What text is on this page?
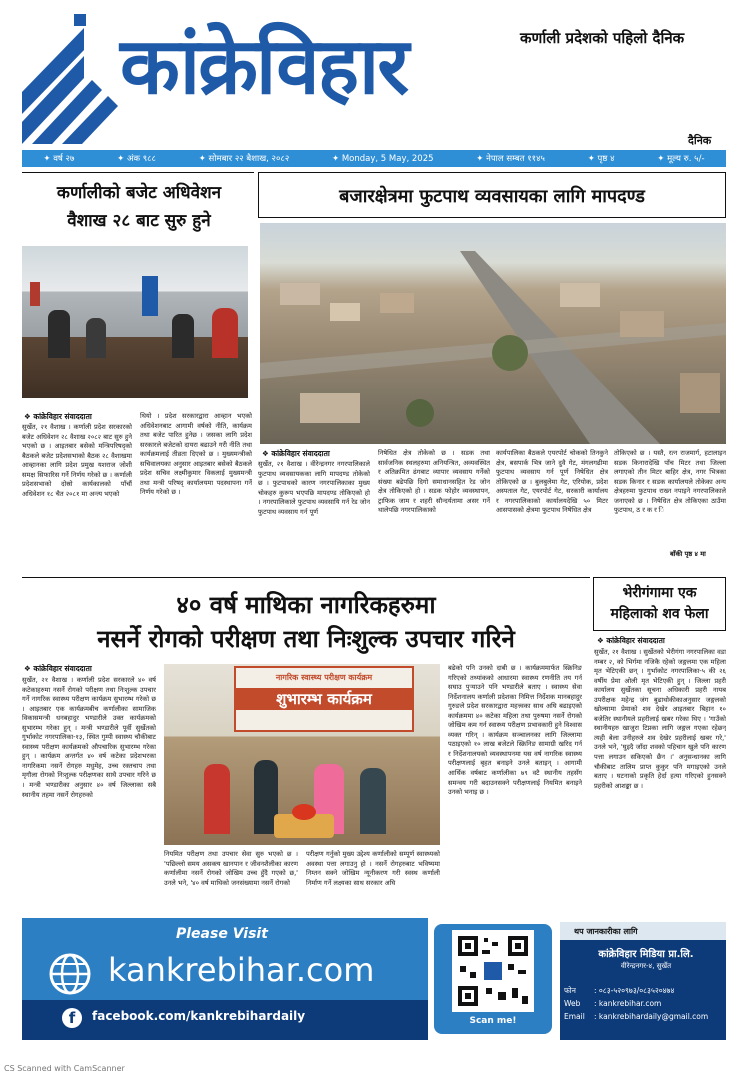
कांक्रेविहार	कर्णाली प्रदेशको पहिलो दैनिक
दैनिक
✦ वर्ष २७	✦ अंक ९८८	✦ सोमबार २२ बैशाख, २०८२	✦ Monday, 5 May, 2025	✦ नेपाल सम्बत ११४५	✦ पृष्ठ ४	✦ मूल्य रु. ५/-
कर्णालीको बजेट अधिवेशन
वैशाख २८ बाट सुरु हुने
❖ कांक्रेविहार संवाददाता
सुर्खेत, २१ वैशाख । कर्णाली प्रदेश सरकारको बजेट अधिवेशन २८ वैशाख २०८२ बाट सुरु हुने भएको छ । आइतबार बसेको मन्त्रिपरिषद्को बैठकले बजेट प्रदेशसभाको बैठक २८ वैशाखमा आव्हानका लागि प्रदेश प्रमुख यशराज जोशी समक्ष सिफारिस गर्ने निर्णय गरेको छ । कर्णाली प्रदेशसभाको दोस्रो कार्यकालको पाँचौं अधिवेशन १८ चैत २०८१ मा अन्त्य भएको
थियो । प्रदेश सरकारद्वारा आव्हान भएको अधिवेशनबाट आगामी वर्षको नीति, कार्यक्रम तथा बजेट पारित हुनेछ । जसका लागि प्रदेश सरकारले बजेटको दायरा बढाउने गरी नीति तथा कार्यक्रमलाई तीव्रता दिएको छ । मुख्यमन्त्रीको सचिवालयका अनुसार आइतबार बसेको बैठकले प्रदेश सचिव लक्ष्मीकुमार विकलाई मुख्यमन्त्री तथा मन्त्री परिषद् कार्यालयमा पदस्थापना गर्ने निर्णय गरेको छ ।
बजारक्षेत्रमा फुटपाथ व्यवसायका लागि मापदण्ड
❖ कांक्रेविहार संवाददाता
सुर्खेत, २१ वैशाख । वीरेन्द्रनगर नगरपालिकाले फुटपाथ व्यवसायकका लागि मापदण्ड तोकेको छ । फुटपाथको कारण नगरपालिकाका मुख्य चोकहरु कुरूप भएपछि मापदण्ड तोकिएको हो । नगरपालिकाले फुटपाथ व्यवसायि गर्न रेड जोन फुटपाथ व्यवसाय गर्न पूर्ण
निषेधित क्षेत्र तोकेको छ । सडक तथा सार्वजनिक स्थलहरुमा अनियन्त्रित, अव्यवस्थित र अतिक्रमित ढंगबाट व्यापार व्यवसाय गर्नेको संख्या बढेपछि दिगो समाधानसहित रेड जोन क्षेत्र तोकिएको हो । सडक फोहोर व्यवस्थापन, ट्राफिक जाम र शहरी सौन्दर्यतामा असर गर्ने थालेपछि नगरपालिकाको
कार्यपालिका बैठकले एयरपोर्ट चोकको तिनकुने क्षेत्र, बसपार्क भित्र जाने दुवै गेट, मंगलगढीमा फुटपाथ व्यवसाय गर्न पूर्ण निषेधित क्षेत्र तोकिएको छ । बुलबुलेमा गेट, एरियोक, प्रदेश अस्पताल गेट, एयरपोर्ट गेट, सरकारी कार्यालय र नगरपालिकाको कार्यालयदेखि ५० मिटर आसपासको क्षेत्रमा फुटपाथ निषेधित क्षेत्र
तोकिएको छ । यस्तै, रत्न राजमार्ग, हटालाइन सडक किनारादेखि पाँच मिटर तथा जिल्ला लगाएको तीन मिटर बाहिर क्षेत्र, नगर भित्रका सडक किनार र सडक कार्यालयले तोकेका अन्य क्षेत्रहरुमा फुटपाथ राख्न नपाइने नगरपालिकाले जनाएको छ । निषेधित क्षेत्र तोकिएका ठाउँमा फुटपाथ, ठ र क र ि
बाँकी पृष्ठ ४ मा
४० वर्ष माथिका नागरिकहरुमा
नसर्ने रोगको परीक्षण तथा निःशुल्क उपचार गरिने
❖ कांक्रेविहार संवाददाता
सुर्खेत, २१ वैशाख । कर्णाली प्रदेश सरकारले ४० वर्ष कटेकाहरुमा नसर्ने रोगको परीक्षण तथा निःशुल्क उपचार गर्ने नागरिक स्वास्थ्य परीक्षण कार्यक्रम सुभारम्भ गरेको छ । आइतबार एक कार्यक्रमबीच कर्णालीका सामाजिक विकासमन्त्री धनबहादुर भण्डारीले उक्त कार्यक्रमको सुभारम्भ गरेका हुन् । मन्त्री भण्डारीले पूर्वी सुर्खेतको गुर्भाकोट नगरपालिका-१३, स्थित गुम्पी स्वास्थ्य चौकीबाट स्वास्थ्य परीक्षण कार्यक्रमको औपचारिक सुभारम्भ गरेका हुन् । कार्यक्रम अन्तर्गत ४० वर्ष कटेका प्रदेशभरका नागरिकमा नसर्ने रोगहरु मधुमेह, उच्च रक्तचाप तथा मृगौला रोगको निःशुल्क परीक्षणका साथै उपचार गरिने छ । मन्त्री भण्डारीका अनुसार ४० वर्ष जिल्लाका सबै स्थानीय तहमा नसर्ने रोगहरुको
नागरिक स्वास्थ्य परीक्षण कार्यक्रम
शुभारम्भ कार्यक्रम
नियमित परीक्षण तथा उपचार सेवा सुरु भएको छ । 'पछिल्लो समय असक्त्य खानपान र जीवनशैलीका कारण कर्णालीमा नसर्ने रोगको जोखिम उच्च हुँदै गएको छ,' उनले भने, '४० वर्ष माथिको जनसंख्यामा नसर्ने रोगको
परीक्षण गर्नुको मुख्य उद्देश्य कर्णालीको सम्पूर्ण स्वास्थ्यको अवस्था पत्ता लगाउनु हो । नसर्ने रोगहरुबाट भविष्यमा निम्तन सक्ने जोखिम न्यूनीकरण गरी स्वस्थ कर्णाली निर्माण गर्ने लक्ष्यका साथ सरकार अघि
बढेको पनि उनको दाबी छ । कार्यक्रममार्फत स्क्रिनिङ गरिएको तथ्यांकको आधारमा स्वास्थ्य रणनीति तय गर्न सघाउ पुऱ्याउने पनि भण्डारीले बताए । स्वास्थ्य सेवा निर्देशनालय कर्णाली प्रदेशका निमित्त निर्देशक मानबहादुर गुरुङले प्रदेश सरकारद्वारा महत्त्वका साथ अघि बढाइएको कार्यक्रममा ४० कटेका महिला तथा पुरुषमा नसर्ने रोगको जोखिम कम गर्न स्वास्थ्य परीक्षण प्रभावकारी हुने विश्वास व्यक्त गरिन् । कार्यक्रम सञ्चालनका लागि जिल्लामा पठाइएको १० लाख बजेटले स्क्रिनिङ सामाग्री खरिद गर्न र निर्देशनालयको व्यवस्थापनमा यस वर्ष नागरिक स्वास्थ्य परीक्षणलाई बृहत बनाइने उनले बताइन् । आगामी आर्थिक वर्षबाट कर्णालीका ७९ वटै स्थानीय तहसँग समन्वय गरी बदाउनसक्ने परीक्षणलाई नियमित बनाइने उनको भनाइ छ ।
भेरीगंगामा एक
महिलाको शव फेला
❖ कांक्रेविहार संवाददाता
सुर्खेत, २१ वैशाख । सुर्खेतको भेरीगंगा नगरपालिका वडा नम्बर २, को भिर्गमा नजिकै रहेको जङ्गलमा एक महिला मृत भेटिएकी छन् । गुर्भाकोट नगरपालिका-५ की २६ वर्षीय प्रेमा ओली मृत भेटिएकी हुन् । जिल्ला प्रहरी कार्यालय सुर्खेतका सूचना अधिकारी प्रहरी नायब उपरीक्षक महेन्द्र जंग बुढाथोकीकाअनुसार जङ्गलको खोल्सामा प्रेमाको शव देखेर आइतबार बिहान १० बजेतिर स्थानीयले प्रहरीलाई खबर गरेका थिए । 'गाउँको स्थानीयहरु खाजुरा टिप्नका लागि जङ्गल गएका रहेछन् त्यही बेला उनीहरुले शव देखेर प्रहरीलाई खबर गरे,' उनले भने, 'घुइदै जाँदा शवको पहिचान खुले पनि कारण पत्ता लगाउन सकिएको छैन ।' अनुसन्धानका लागि चौकीबाट तालिम प्राप्त कुकुर पनि मगाइएको उनले बताए । घटनाको प्रकृति हेर्दा हत्या गरिएको हुनसक्ने प्रहरीको आशङ्का छ ।
Please Visit
kankrebihar.com
f	facebook.com/kankrebihardaily	Scan me!
थप जानकारीका लागि
कांक्रेविहार मिडिया प्रा.लि.
वीरेन्द्रनगर-४, सुर्खेत
फोन : ०८३-५२०९७३/०८३५२०४७४
Web : kankrebihar.com
Email : kankrebihardaily@gmail.com
CS Scanned with CamScanner
